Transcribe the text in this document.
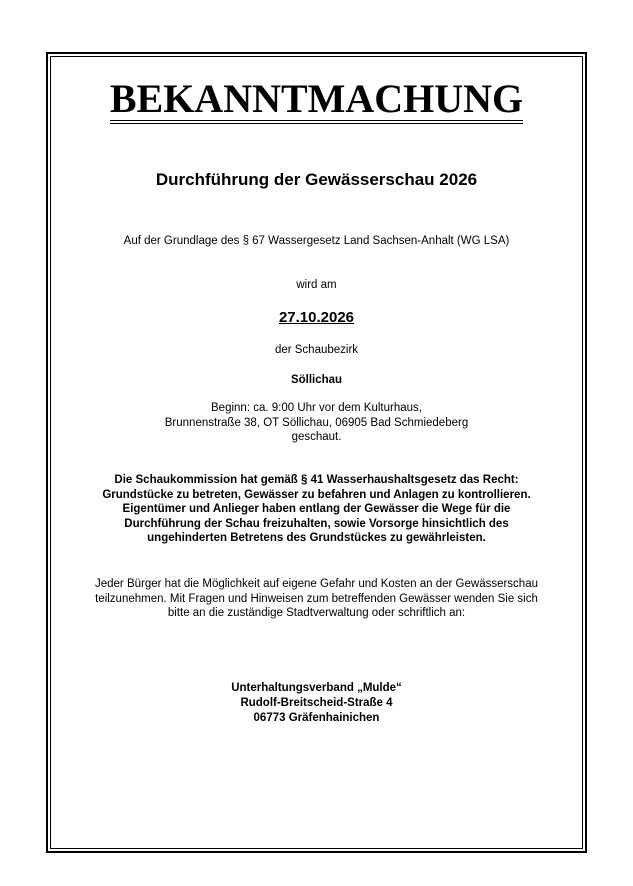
BEKANNTMACHUNG
Durchführung der Gewässerschau 2026
Auf der Grundlage des § 67 Wassergesetz Land Sachsen-Anhalt (WG LSA)
wird am
27.10.2026
der Schaubezirk
Söllichau
Beginn: ca. 9:00 Uhr vor dem Kulturhaus,
Brunnenstraße 38, OT Söllichau, 06905 Bad Schmiedeberg
geschaut.
Die Schaukommission hat gemäß § 41 Wasserhaushaltsgesetz das Recht:
Grundstücke zu betreten, Gewässer zu befahren und Anlagen zu kontrollieren.
Eigentümer und Anlieger haben entlang der Gewässer die Wege für die
Durchführung der Schau freizuhalten, sowie Vorsorge hinsichtlich des
ungehinderten Betretens des Grundstückes zu gewährleisten.
Jeder Bürger hat die Möglichkeit auf eigene Gefahr und Kosten an der Gewässerschau
teilzunehmen. Mit Fragen und Hinweisen zum betreffenden Gewässer wenden Sie sich
bitte an die zuständige Stadtverwaltung oder schriftlich an:
Unterhaltungsverband „Mulde“
Rudolf-Breitscheid-Straße 4
06773 Gräfenhainichen
